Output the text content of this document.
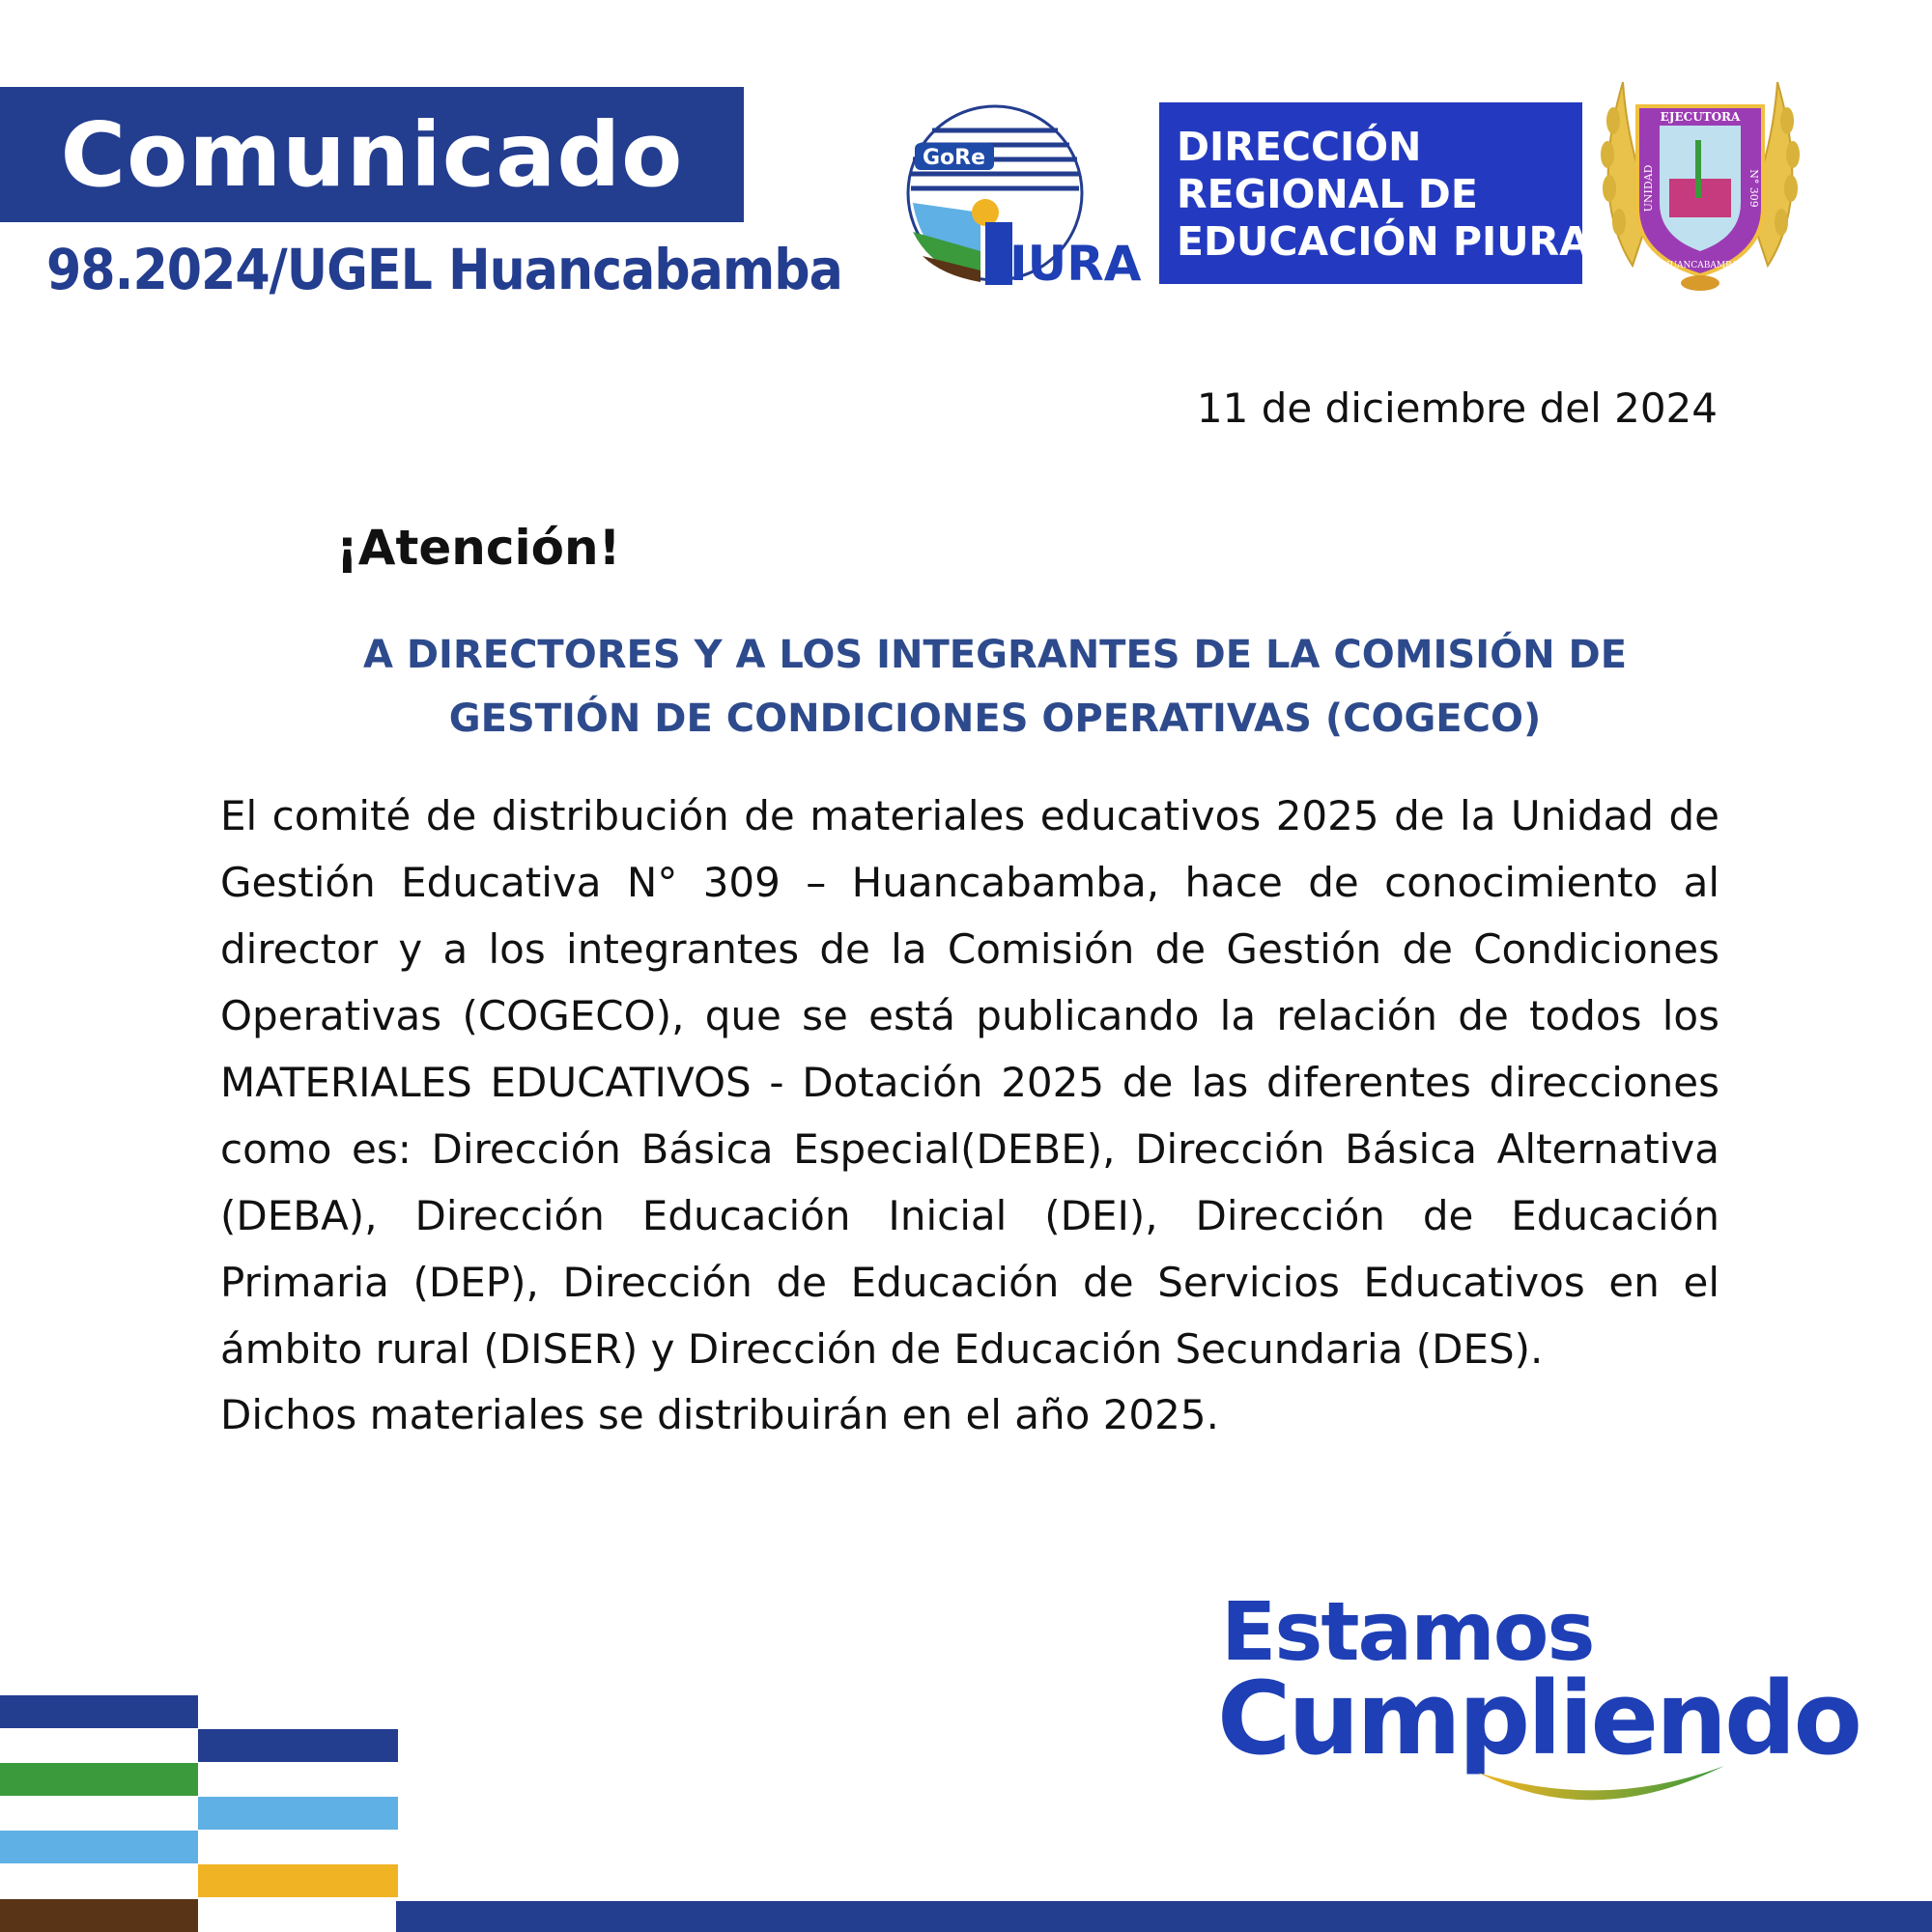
Comunicado
98.2024/UGEL Huancabamba
GoRe
IURA
DIRECCIÓN
REGIONAL DE
EDUCACIÓN PIURA
EJECUTORA
UNIDAD	N° 309
HUANCABAMBA
11 de diciembre del 2024
¡Atención!
A DIRECTORES Y A LOS INTEGRANTES DE LA COMISIÓN DE
GESTIÓN DE CONDICIONES OPERATIVAS (COGECO)

El comité de distribución de materiales educativos 2025 de la Unidad de Gestión Educativa N° 309 – Huancabamba, hace de conocimiento al director y a los integrantes de la Comisión de Gestión de Condiciones Operativas (COGECO), que se está publicando la relación de todos los MATERIALES EDUCATIVOS - Dotación 2025 de las diferentes direcciones como es: Dirección Básica Especial(DEBE), Dirección Básica Alternativa (DEBA), Dirección Educación Inicial (DEI), Dirección de Educación Primaria (DEP), Dirección de Educación de Servicios Educativos en el ámbito rural (DISER) y Dirección de Educación Secundaria (DES).

Dichos materiales se distribuirán en el año 2025.
Estamos
Cumpliendo
